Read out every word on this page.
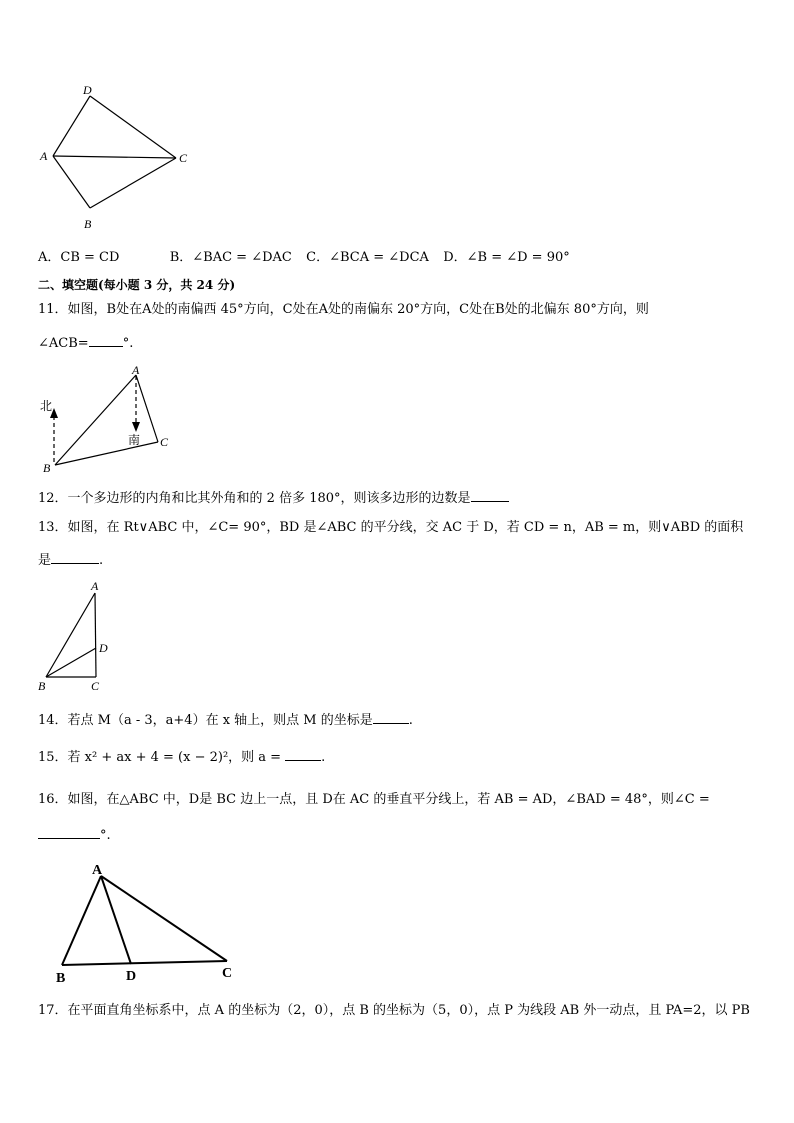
D
A	C
B
A．CB = CD	B．∠BAC = ∠DAC C．∠BCA = ∠DCA D．∠B = ∠D = 90°
二、填空题(每小题 3 分，共 24 分)
11．如图，B处在A处的南偏西 45°方向，C处在A处的南偏东 20°方向，C处在B处的北偏东 80°方向，则
∠ACB=	°.
A
北
南
B
C
12．一个多边形的内角和比其外角和的 2 倍多 180°，则该多边形的边数是
13．如图，在 Rt∨ABC 中，∠C= 90°，BD 是∠ABC 的平分线，交 AC 于 D，若 CD = n，AB = m，则∨ABD 的面积
是	.
A
D
B	C
14．若点 M（a - 3，a+4）在 x 轴上，则点 M 的坐标是	.
15．若 x² + ax + 4 = (x − 2)²，则 a =	.
16．如图，在△ABC 中，D是 BC 边上一点，且 D在 AC 的垂直平分线上，若 AB = AD，∠BAD = 48°，则∠C =
°.
A
B	D	C
17．在平面直角坐标系中，点 A 的坐标为（2，0），点 B 的坐标为（5，0），点 P 为线段 AB 外一动点，且 PA=2，以 PB
